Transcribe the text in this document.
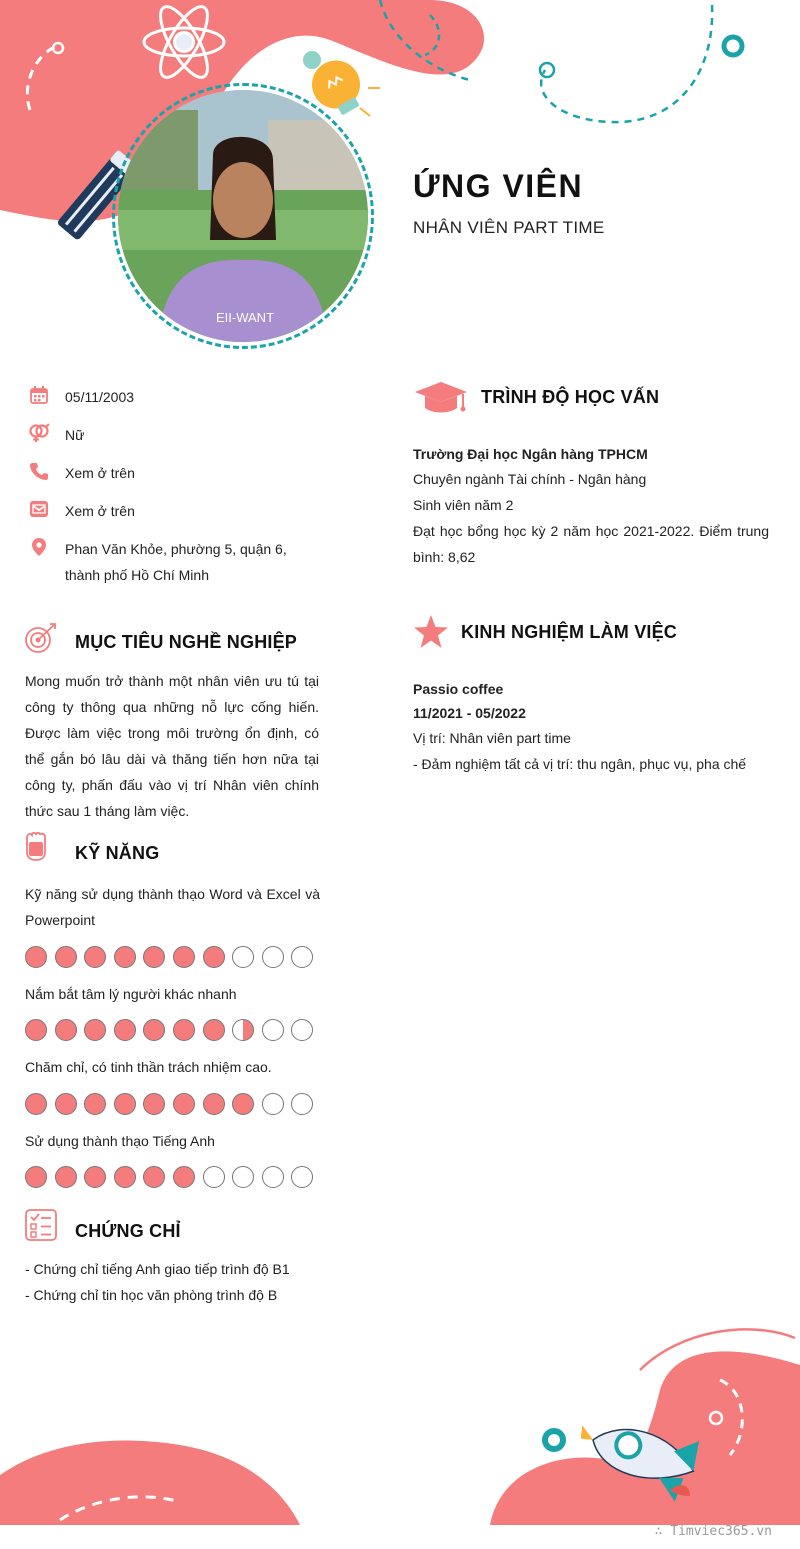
EII-WANT
ỨNG VIÊN
NHÂN VIÊN PART TIME
05/11/2003
Nữ
Xem ở trên
Xem ở trên
Phan Văn Khỏe, phường 5, quận 6, thành phố Hồ Chí Minh
MỤC TIÊU NGHỀ NGHIỆP
Mong muốn trở thành một nhân viên ưu tú tại công ty thông qua những nỗ lực cống hiến. Được làm việc trong môi trường ổn định, có thể gắn bó lâu dài và thăng tiến hơn nữa tại công ty, phấn đấu vào vị trí Nhân viên chính thức sau 1 tháng làm việc.
KỸ NĂNG
Kỹ năng sử dụng thành thạo Word và Excel và Powerpoint
Nắm bắt tâm lý người khác nhanh
Chăm chỉ, có tinh thần trách nhiệm cao.
Sử dụng thành thạo Tiếng Anh
CHỨNG CHỈ
- Chứng chỉ tiếng Anh giao tiếp trình độ B1
- Chứng chỉ tin học văn phòng trình độ B
TRÌNH ĐỘ HỌC VẤN
Trường Đại học Ngân hàng TPHCM
Chuyên ngành Tài chính - Ngân hàng
Sinh viên năm 2
Đạt học bổng học kỳ 2 năm học 2021-2022. Điểm trung bình: 8,62
KINH NGHIỆM LÀM VIỆC
Passio coffee
11/2021 - 05/2022
Vị trí: Nhân viên part time
- Đảm nghiệm tất cả vị trí: thu ngân, phục vụ, pha chế
∴ Timviec365.vn
